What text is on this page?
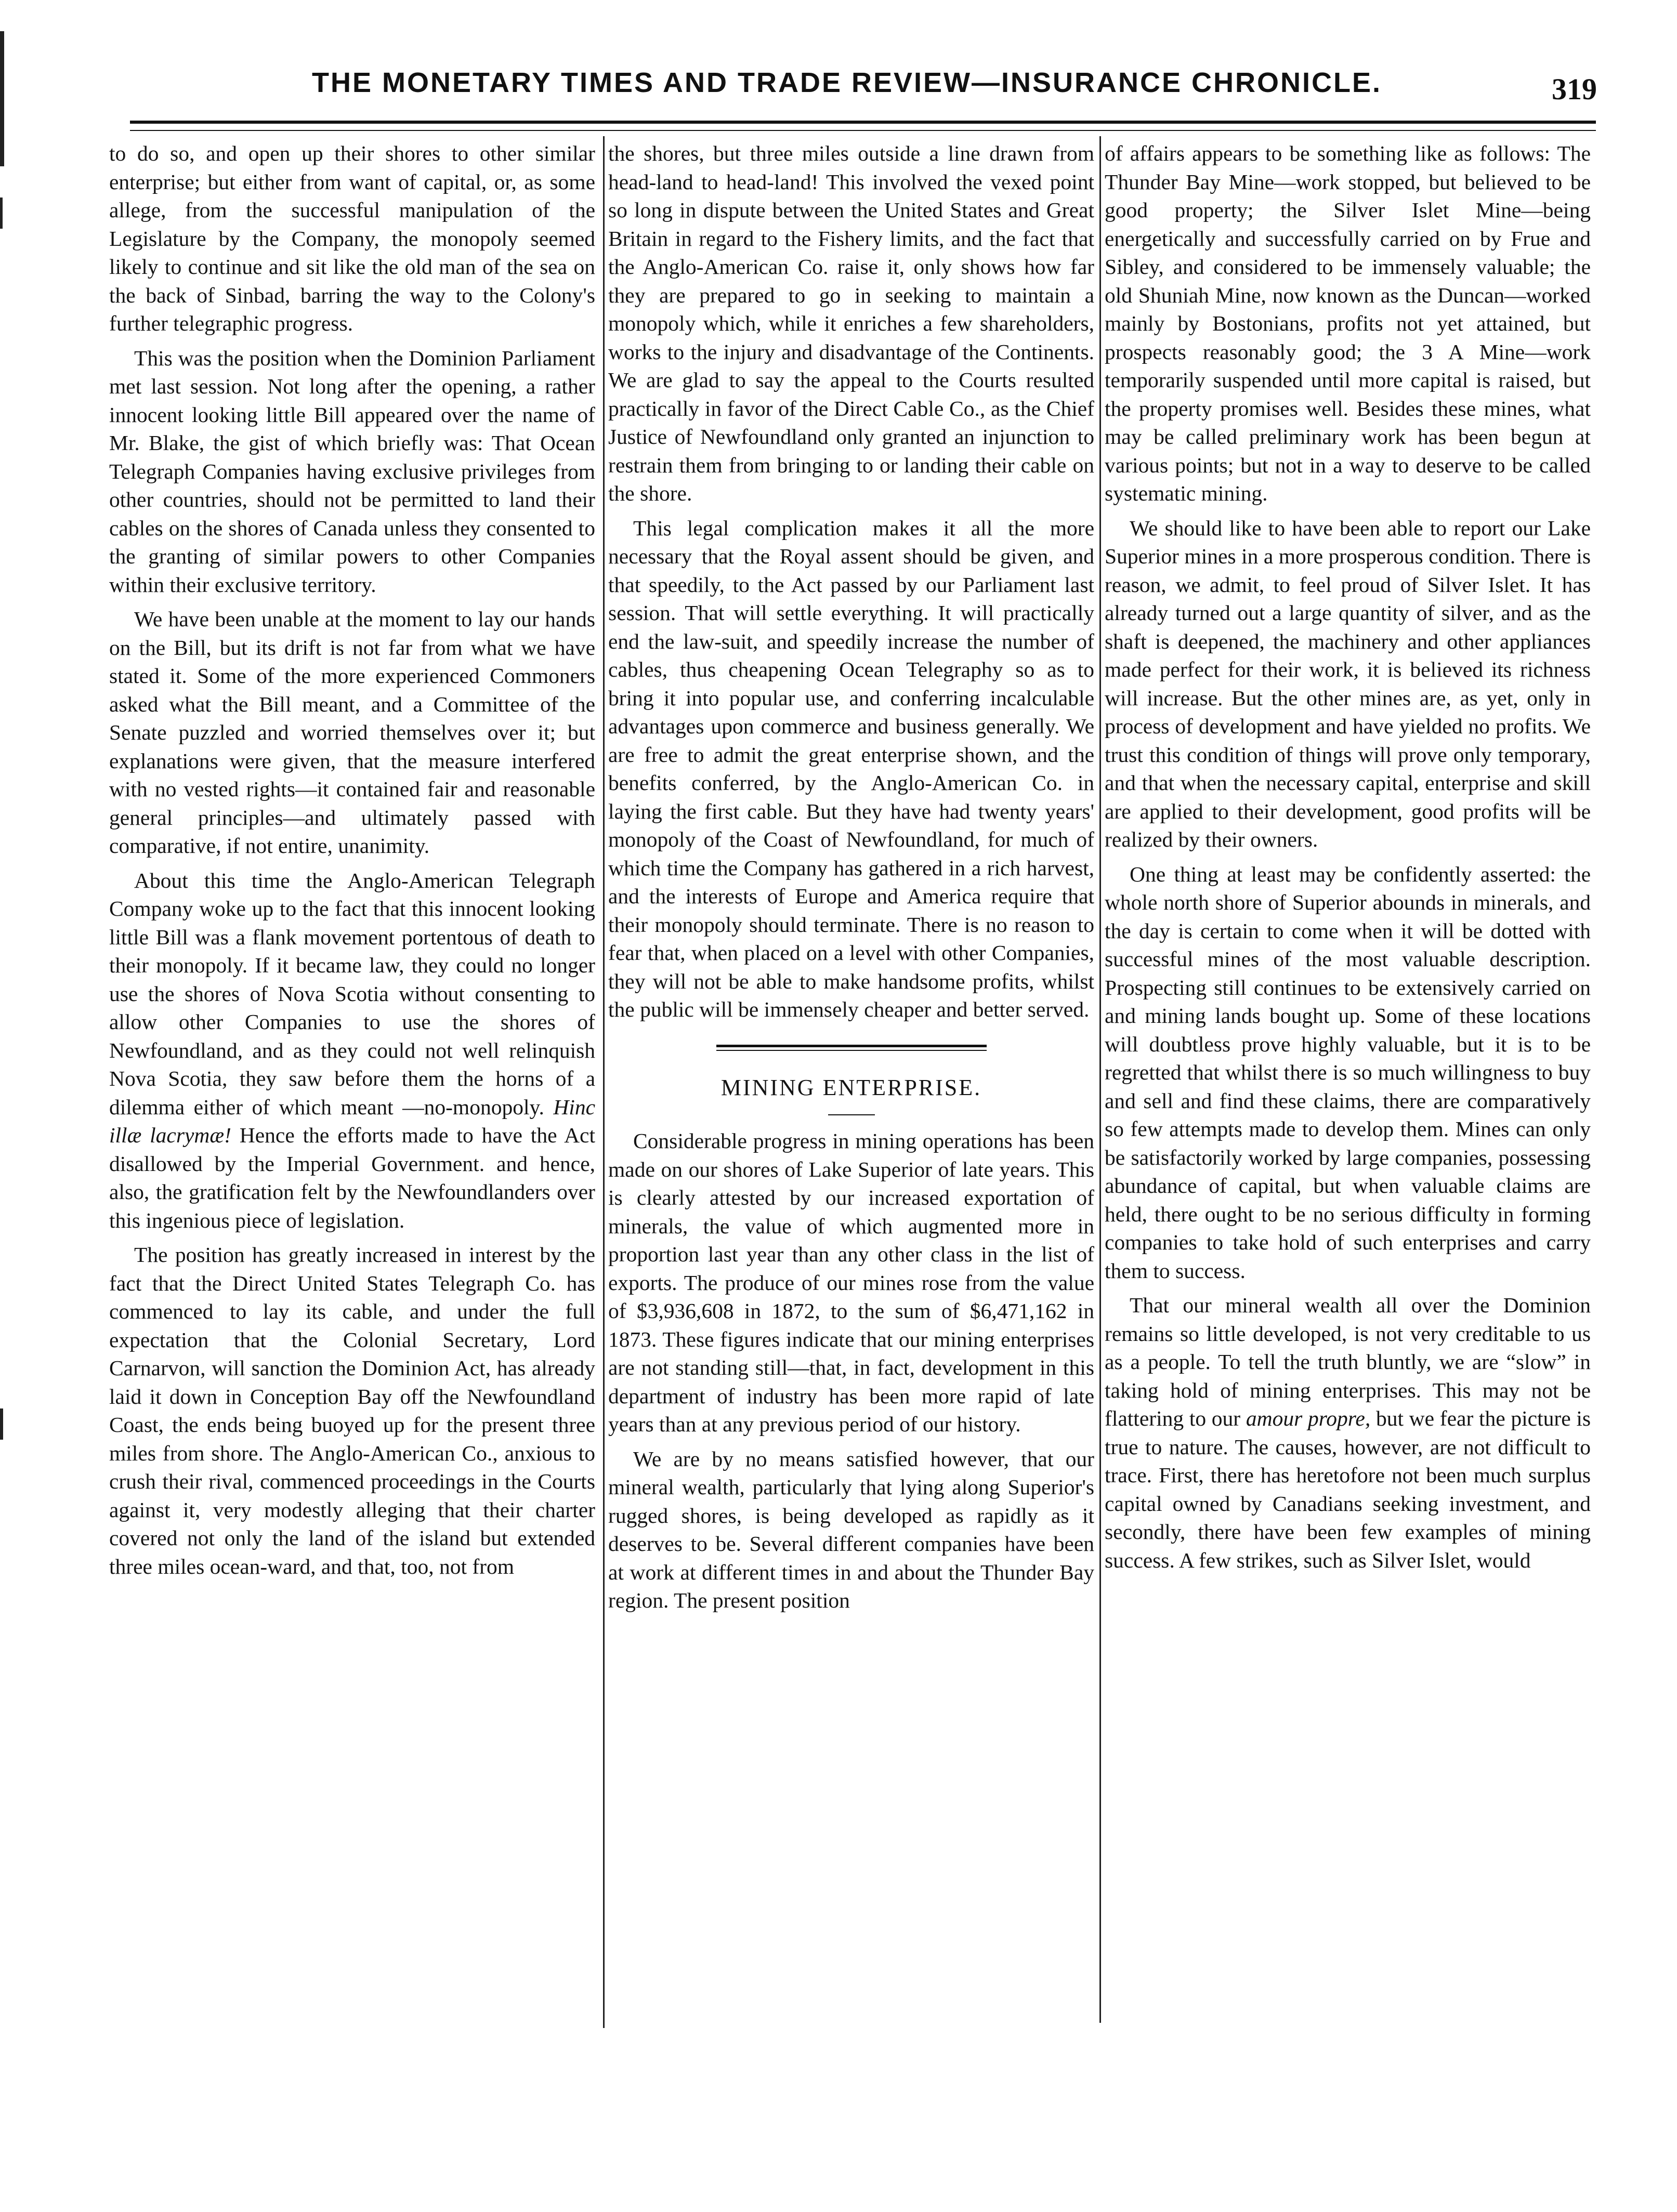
THE MONETARY TIMES AND TRADE REVIEW—INSURANCE CHRONICLE.	319

to do so, and open up their shores to other similar enterprise; but either from want of capital, or, as some allege, from the successful manipulation of the Legislature by the Company, the monopoly seemed likely to continue and sit like the old man of the sea on the back of Sinbad, barring the way to the Colony's further telegraphic progress.

This was the position when the Dominion Parliament met last session. Not long after the opening, a rather innocent looking little Bill appeared over the name of Mr. Blake, the gist of which briefly was: That Ocean Telegraph Companies having exclusive privileges from other countries, should not be permitted to land their cables on the shores of Canada unless they consented to the granting of similar powers to other Companies within their exclusive territory.

We have been unable at the moment to lay our hands on the Bill, but its drift is not far from what we have stated it. Some of the more experienced Commoners asked what the Bill meant, and a Committee of the Senate puzzled and worried themselves over it; but explanations were given, that the measure interfered with no vested rights—it contained fair and reasonable general principles—and ultimately passed with comparative, if not entire, unanimity.

About this time the Anglo-American Telegraph Company woke up to the fact that this innocent looking little Bill was a flank movement portentous of death to their monopoly. If it became law, they could no longer use the shores of Nova Scotia without consenting to allow other Companies to use the shores of Newfoundland, and as they could not well relinquish Nova Scotia, they saw before them the horns of a dilemma either of which meant —no-monopoly. Hinc illæ lacrymæ! Hence the efforts made to have the Act disallowed by the Imperial Government. and hence, also, the gratification felt by the Newfoundlanders over this ingenious piece of legislation.

The position has greatly increased in interest by the fact that the Direct United States Telegraph Co. has commenced to lay its cable, and under the full expectation that the Colonial Secretary, Lord Carnarvon, will sanction the Dominion Act, has already laid it down in Conception Bay off the Newfoundland Coast, the ends being buoyed up for the present three miles from shore. The Anglo-American Co., anxious to crush their rival, commenced proceedings in the Courts against it, very modestly alleging that their charter covered not only the land of the island but extended three miles ocean-ward, and that, too, not from

the shores, but three miles outside a line drawn from head-land to head-land! This involved the vexed point so long in dispute between the United States and Great Britain in regard to the Fishery limits, and the fact that the Anglo-American Co. raise it, only shows how far they are prepared to go in seeking to maintain a monopoly which, while it enriches a few shareholders, works to the injury and disadvantage of the Continents. We are glad to say the appeal to the Courts resulted practically in favor of the Direct Cable Co., as the Chief Justice of Newfoundland only granted an injunction to restrain them from bringing to or landing their cable on the shore.

This legal complication makes it all the more necessary that the Royal assent should be given, and that speedily, to the Act passed by our Parliament last session. That will settle everything. It will practically end the law-suit, and speedily increase the number of cables, thus cheapening Ocean Telegraphy so as to bring it into popular use, and conferring incalculable advantages upon commerce and business generally. We are free to admit the great enterprise shown, and the benefits conferred, by the Anglo-American Co. in laying the first cable. But they have had twenty years' monopoly of the Coast of Newfoundland, for much of which time the Company has gathered in a rich harvest, and the interests of Europe and America require that their monopoly should terminate. There is no reason to fear that, when placed on a level with other Companies, they will not be able to make handsome profits, whilst the public will be immensely cheaper and better served.

MINING ENTERPRISE.

Considerable progress in mining operations has been made on our shores of Lake Superior of late years. This is clearly attested by our increased exportation of minerals, the value of which augmented more in proportion last year than any other class in the list of exports. The produce of our mines rose from the value of $3,936,608 in 1872, to the sum of $6,471,162 in 1873. These figures indicate that our mining enterprises are not standing still—that, in fact, development in this department of industry has been more rapid of late years than at any previous period of our history.

We are by no means satisfied however, that our mineral wealth, particularly that lying along Superior's rugged shores, is being developed as rapidly as it deserves to be. Several different companies have been at work at different times in and about the Thunder Bay region. The present position

of affairs appears to be something like as follows: The Thunder Bay Mine—work stopped, but believed to be good property; the Silver Islet Mine—being energetically and successfully carried on by Frue and Sibley, and considered to be immensely valuable; the old Shuniah Mine, now known as the Duncan—worked mainly by Bostonians, profits not yet attained, but prospects reasonably good; the 3 A Mine—work temporarily suspended until more capital is raised, but the property promises well. Besides these mines, what may be called preliminary work has been begun at various points; but not in a way to deserve to be called systematic mining.

We should like to have been able to report our Lake Superior mines in a more prosperous condition. There is reason, we admit, to feel proud of Silver Islet. It has already turned out a large quantity of silver, and as the shaft is deepened, the machinery and other appliances made perfect for their work, it is believed its richness will increase. But the other mines are, as yet, only in process of development and have yielded no profits. We trust this condition of things will prove only temporary, and that when the necessary capital, enterprise and skill are applied to their development, good profits will be realized by their owners.

One thing at least may be confidently asserted: the whole north shore of Superior abounds in minerals, and the day is certain to come when it will be dotted with successful mines of the most valuable description. Prospecting still continues to be extensively carried on and mining lands bought up. Some of these locations will doubtless prove highly valuable, but it is to be regretted that whilst there is so much willingness to buy and sell and find these claims, there are comparatively so few attempts made to develop them. Mines can only be satisfactorily worked by large companies, possessing abundance of capital, but when valuable claims are held, there ought to be no serious difficulty in forming companies to take hold of such enterprises and carry them to success.

That our mineral wealth all over the Dominion remains so little developed, is not very creditable to us as a people. To tell the truth bluntly, we are “slow” in taking hold of mining enterprises. This may not be flattering to our amour propre, but we fear the picture is true to nature. The causes, however, are not difficult to trace. First, there has heretofore not been much surplus capital owned by Canadians seeking investment, and secondly, there have been few examples of mining success. A few strikes, such as Silver Islet, would
